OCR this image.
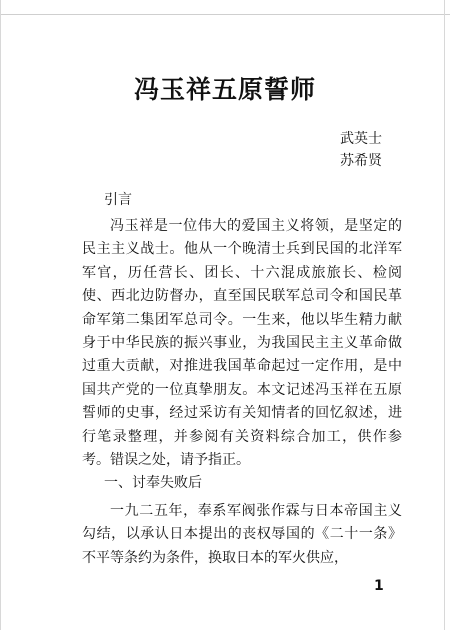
冯玉祥五原誓师
武英士
苏希贤
引言
冯玉祥是一位伟大的爱国主义将领，是坚定的民主主义战士。他从一个晚清士兵到民国的北洋军军官，历任营长、团长、十六混成旅旅长、检阅使、西北边防督办，直至国民联军总司令和国民革命军第二集团军总司令。一生来，他以毕生精力献身于中华民族的振兴事业，为我国民主主义革命做过重大贡献，对推进我国革命起过一定作用，是中国共产党的一位真挚朋友。本文记述冯玉祥在五原誓师的史事，经过采访有关知情者的回忆叙述，进行笔录整理，并参阅有关资料综合加工，供作参考。错误之处，请予指正。
一、讨奉失败后
一九二五年，奉系军阀张作霖与日本帝国主义勾结，以承认日本提出的丧权辱国的《二十一条》不平等条约为条件，换取日本的军火供应，
1
